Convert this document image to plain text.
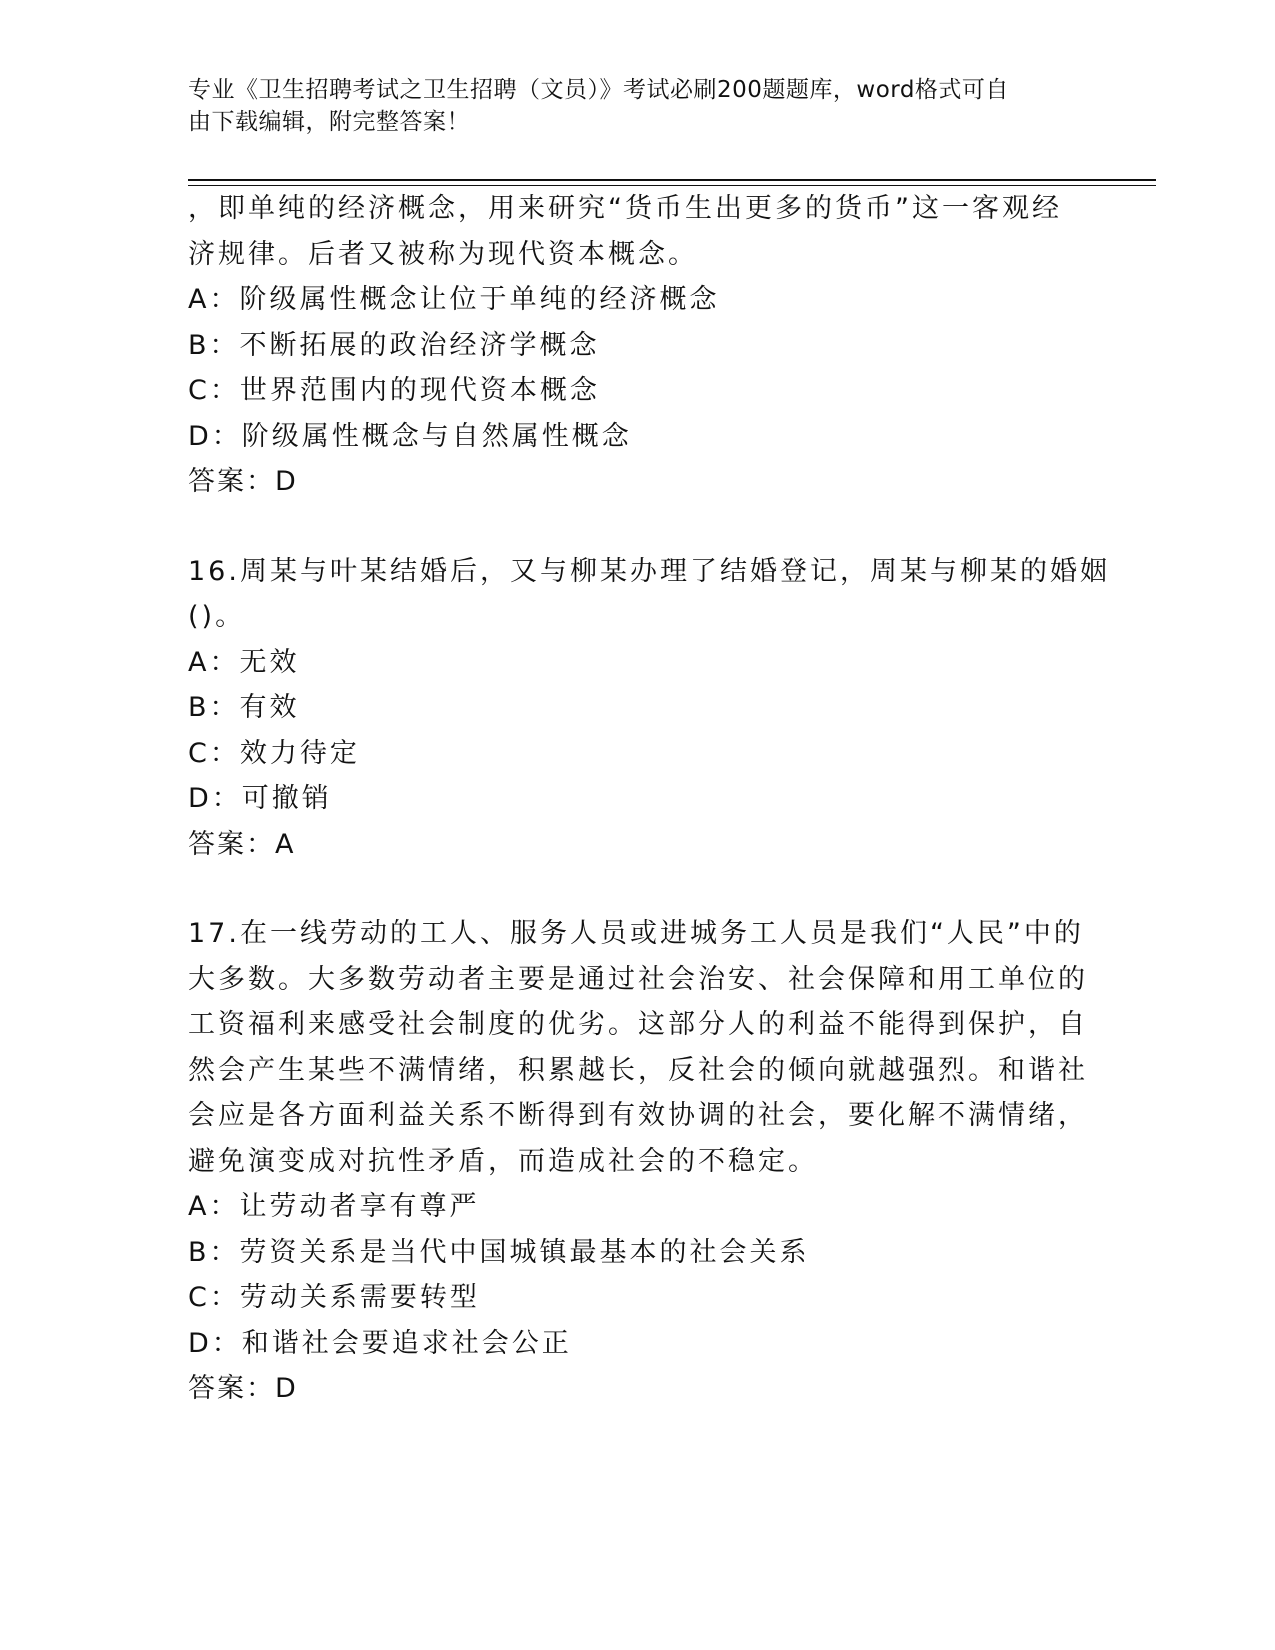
专业《卫生招聘考试之卫生招聘（文员）》考试必刷200题题库，word格式可自
由下载编辑，附完整答案！
，即单纯的经济概念，用来研究“货币生出更多的货币”这一客观经
济规律。后者又被称为现代资本概念。
A：阶级属性概念让位于单纯的经济概念
B：不断拓展的政治经济学概念
C：世界范围内的现代资本概念
D：阶级属性概念与自然属性概念
答案：D
16.周某与叶某结婚后，又与柳某办理了结婚登记，周某与柳某的婚姻
()。
A：无效
B：有效
C：效力待定
D：可撤销
答案：A
17.在一线劳动的工人、服务人员或进城务工人员是我们“人民”中的
大多数。大多数劳动者主要是通过社会治安、社会保障和用工单位的
工资福利来感受社会制度的优劣。这部分人的利益不能得到保护，自
然会产生某些不满情绪，积累越长，反社会的倾向就越强烈。和谐社
会应是各方面利益关系不断得到有效协调的社会，要化解不满情绪，
避免演变成对抗性矛盾，而造成社会的不稳定。
A：让劳动者享有尊严
B：劳资关系是当代中国城镇最基本的社会关系
C：劳动关系需要转型
D：和谐社会要追求社会公正
答案：D
